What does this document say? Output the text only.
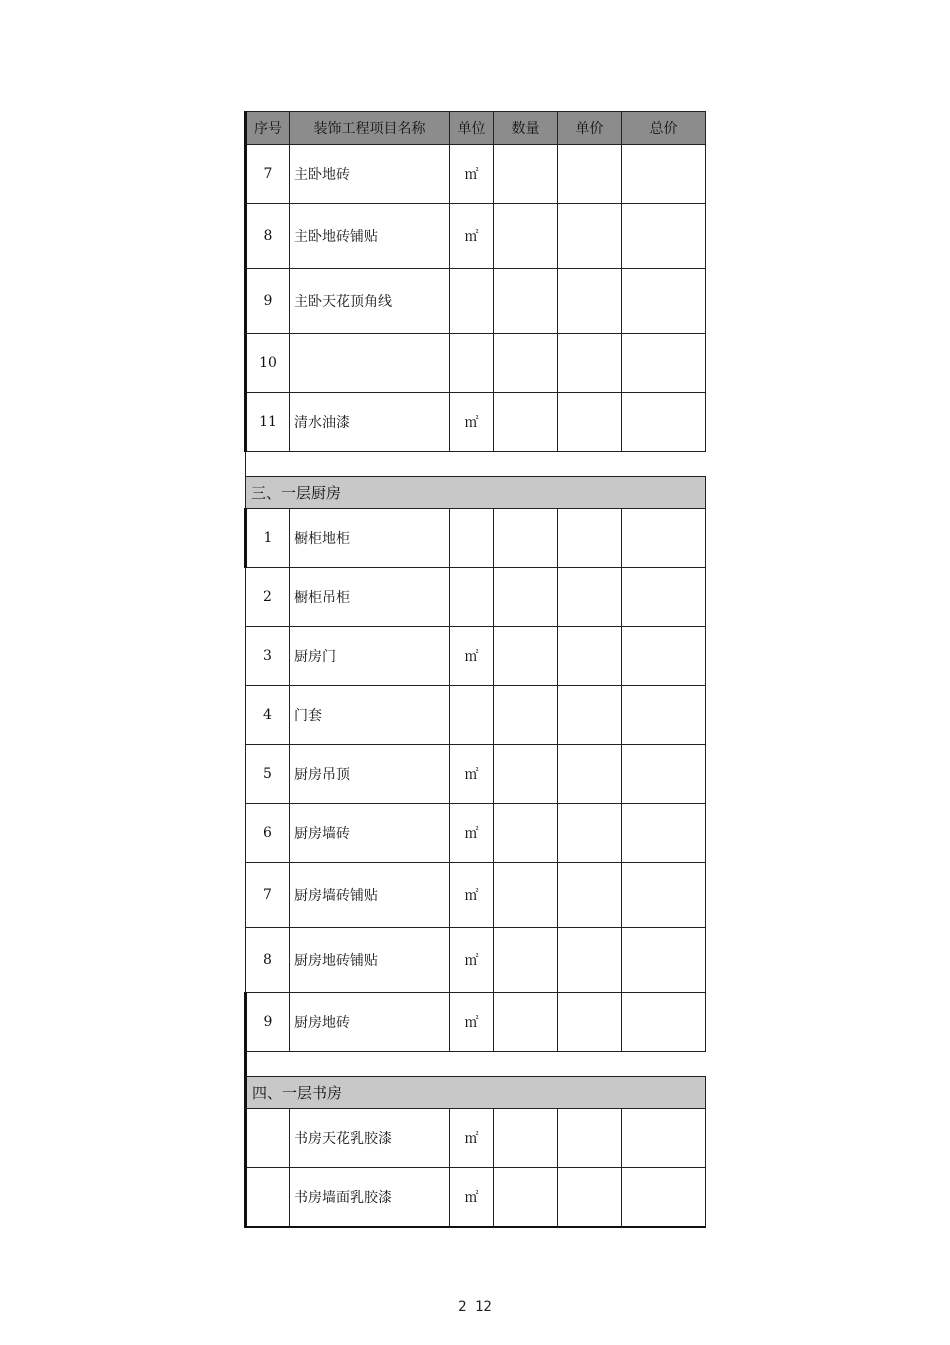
序号	装饰工程项目名称	单位	数量	单价	总价
7	主卧地砖	㎡			
8	主卧地砖铺贴	㎡			
9	主卧天花顶角线				
10					
11	清水油漆	㎡			

三、一层厨房					
1	橱柜地柜				
2	橱柜吊柜				
3	厨房门	㎡			
4	门套				
5	厨房吊顶	㎡			
6	厨房墙砖	㎡			
7	厨房墙砖铺贴	㎡			
8	厨房地砖铺贴	㎡			
9	厨房地砖	㎡			

四、一层书房					
	书房天花乳胶漆	㎡			
	书房墙面乳胶漆	㎡			
2 12
